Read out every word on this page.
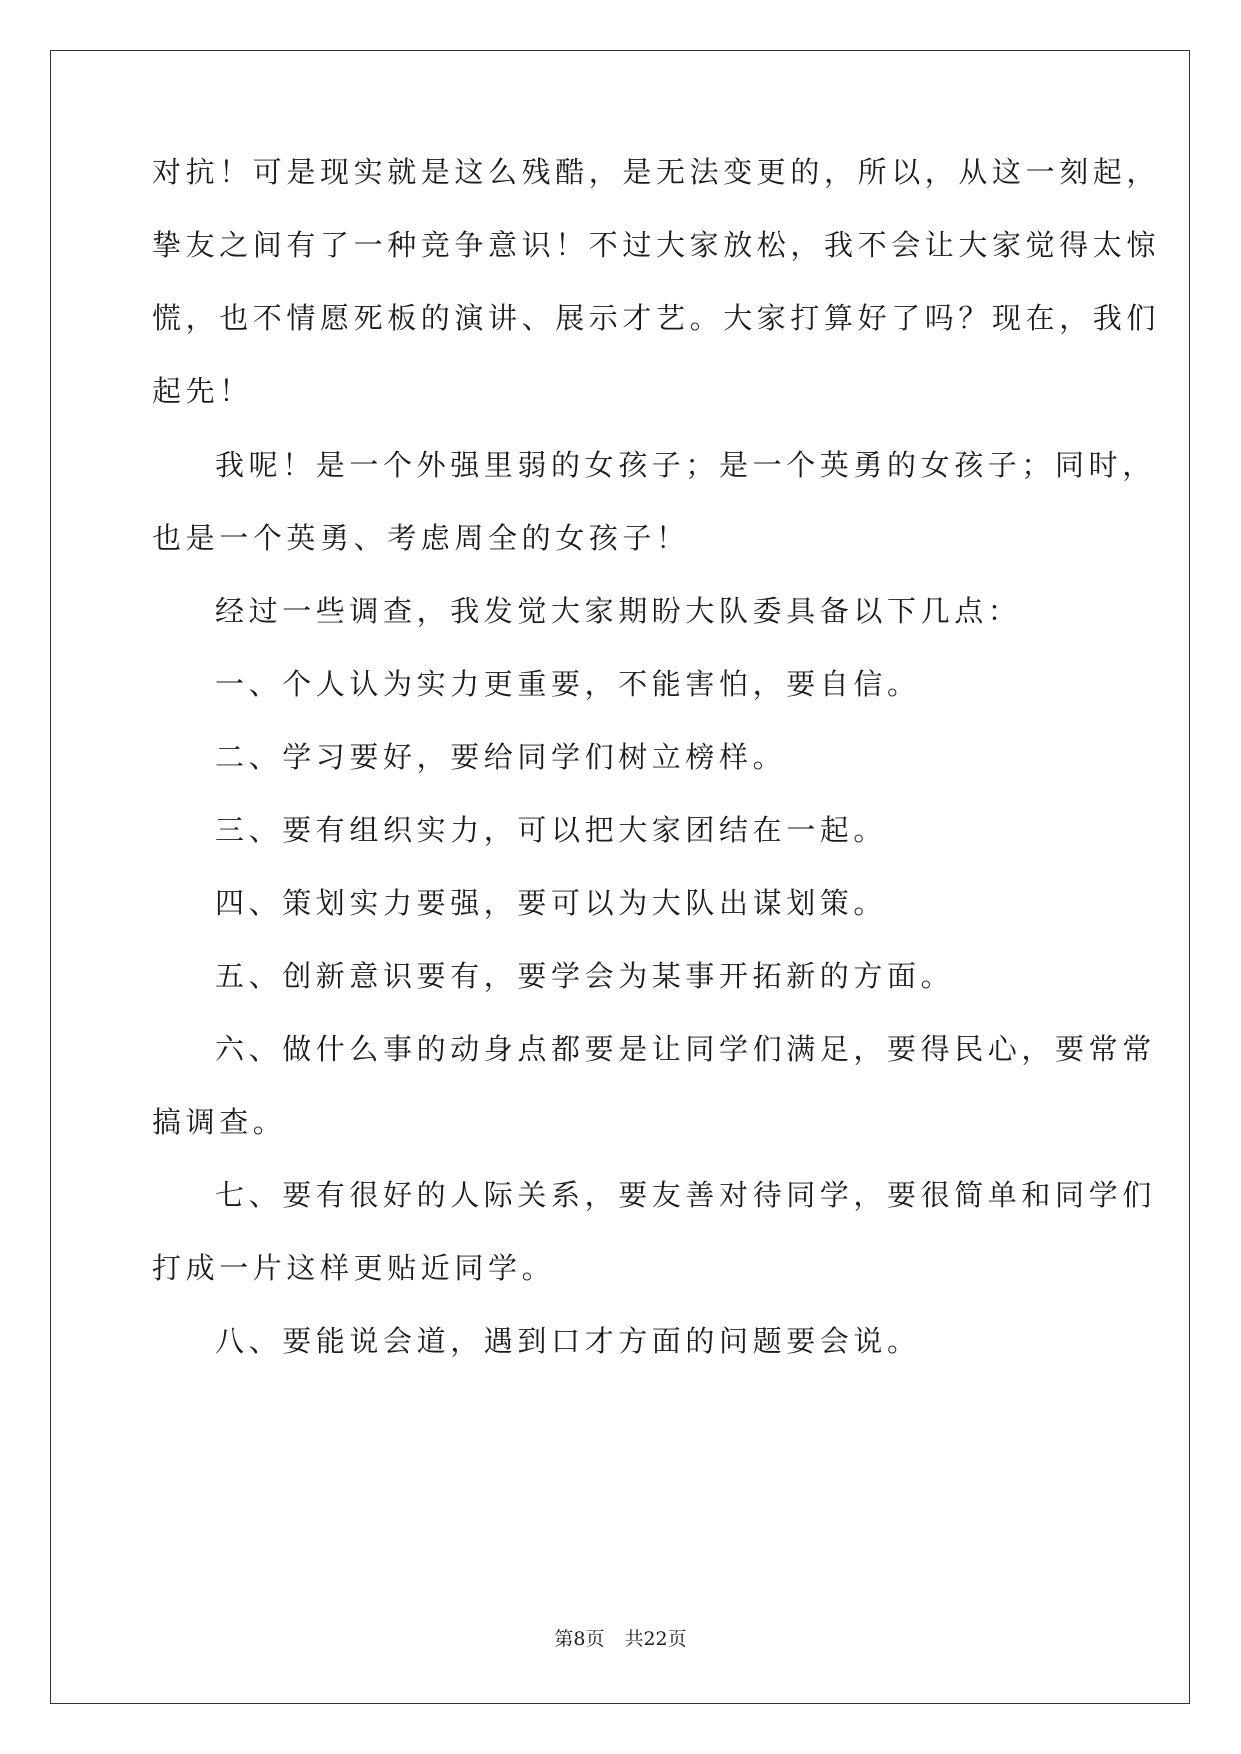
对抗！可是现实就是这么残酷，是无法变更的，所以，从这一刻起，
挚友之间有了一种竞争意识！不过大家放松，我不会让大家觉得太惊
慌，也不情愿死板的演讲、展示才艺。大家打算好了吗？现在，我们
起先！
我呢！是一个外强里弱的女孩子；是一个英勇的女孩子；同时，
也是一个英勇、考虑周全的女孩子！
经过一些调查，我发觉大家期盼大队委具备以下几点：
一、个人认为实力更重要，不能害怕，要自信。
二、学习要好，要给同学们树立榜样。
三、要有组织实力，可以把大家团结在一起。
四、策划实力要强，要可以为大队出谋划策。
五、创新意识要有，要学会为某事开拓新的方面。
六、做什么事的动身点都要是让同学们满足，要得民心，要常常
搞调查。
七、要有很好的人际关系，要友善对待同学，要很简单和同学们
打成一片这样更贴近同学。
八、要能说会道，遇到口才方面的问题要会说。
第8页 共22页
